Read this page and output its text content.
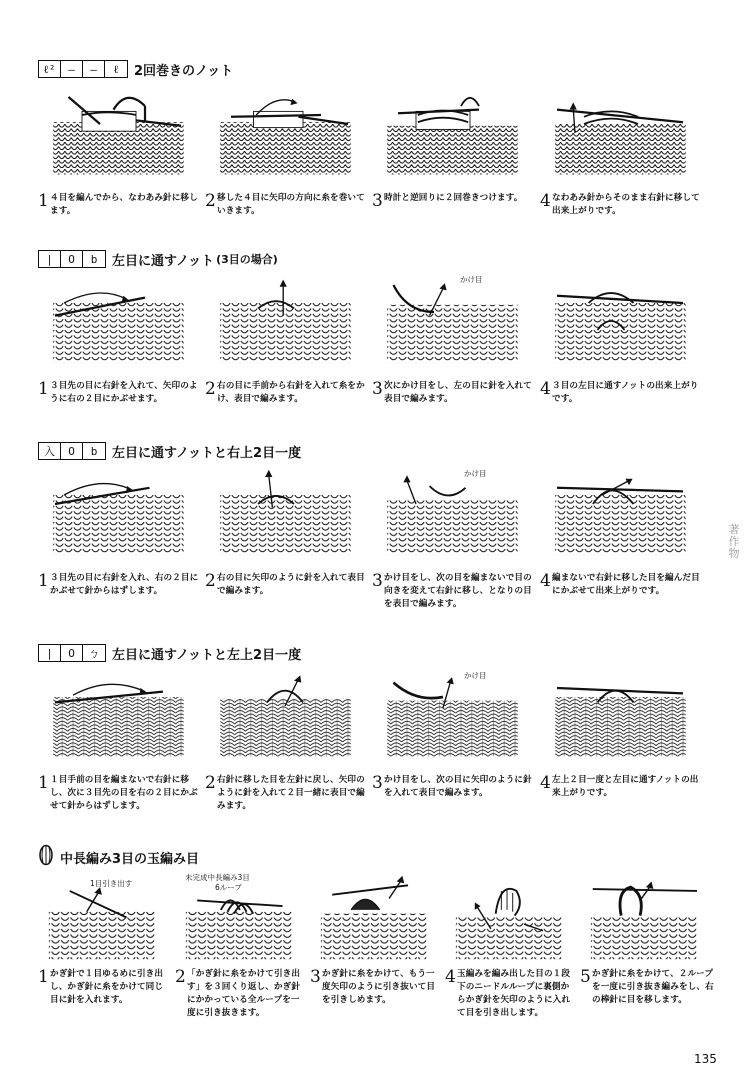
ℓ²	—	—	ℓ	2回巻きのノット
1 ４目を編んでから、なわあみ針に移します。	2 移した４目に矢印の方向に糸を巻いていきます。	3 時計と逆回りに２回巻きつけます。 4 なわあみ針からそのまま右針に移して出来上がりです。
|	O	b	左目に通すノット (3目の場合)
1 ３目先の目に右針を入れて、矢印のように右の２目にかぶせます。	2 右の目に手前から右針を入れて糸をかけ、表目で編みます。
かけ目
3 次にかけ目をし、左の目に針を入れて表目で編みます。	4 ３目の左目に通すノットの出来上がりです。
入	O	b	左目に通すノットと右上2目一度
1 ３目先の目に右針を入れ、右の２目にかぶせて針からはずします。	2 右の目に矢印のように針を入れて表目で編みます。
かけ目
3 かけ目をし、次の目を編まないで目の向きを変えて右針に移し、となりの目を表目で編みます。
4 編まないで右針に移した目を編んだ目にかぶせて出来上がりです。
|	O	ㄅ 左目に通すノットと左上2目一度
1 １目手前の目を編まないで右針に移し、次に３目先の目を右の２目にかぶせて針からはずします。
2 右針に移した目を左針に戻し、矢印のように針を入れて２目一緒に表目で編みます。
かけ目
3 かけ目をし、次の目に矢印のように針を入れて表目で編みます。	4 左上２目一度と左目に通すノットの出来上がりです。
中長編み3目の玉編み目
1目引き出す
1 かぎ針で１目ゆるめに引き出し、かぎ針に糸をかけて同じ目に針を入れます。
未完成中長編み3目
6ループ
2 「かぎ針に糸をかけて引き出す」を３回くり返し、かぎ針にかかっている全ループを一度に引き抜きます。
3 かぎ針に糸をかけて、もう一度矢印のように引き抜いて目を引きしめます。
4 玉編みを編み出した目の１段下のニードルループに裏側からかぎ針を矢印のように入れて目を引き出します。
5 かぎ針に糸をかけて、２ループを一度に引き抜き編みをし、右の棒針に目を移します。
著作物
135
